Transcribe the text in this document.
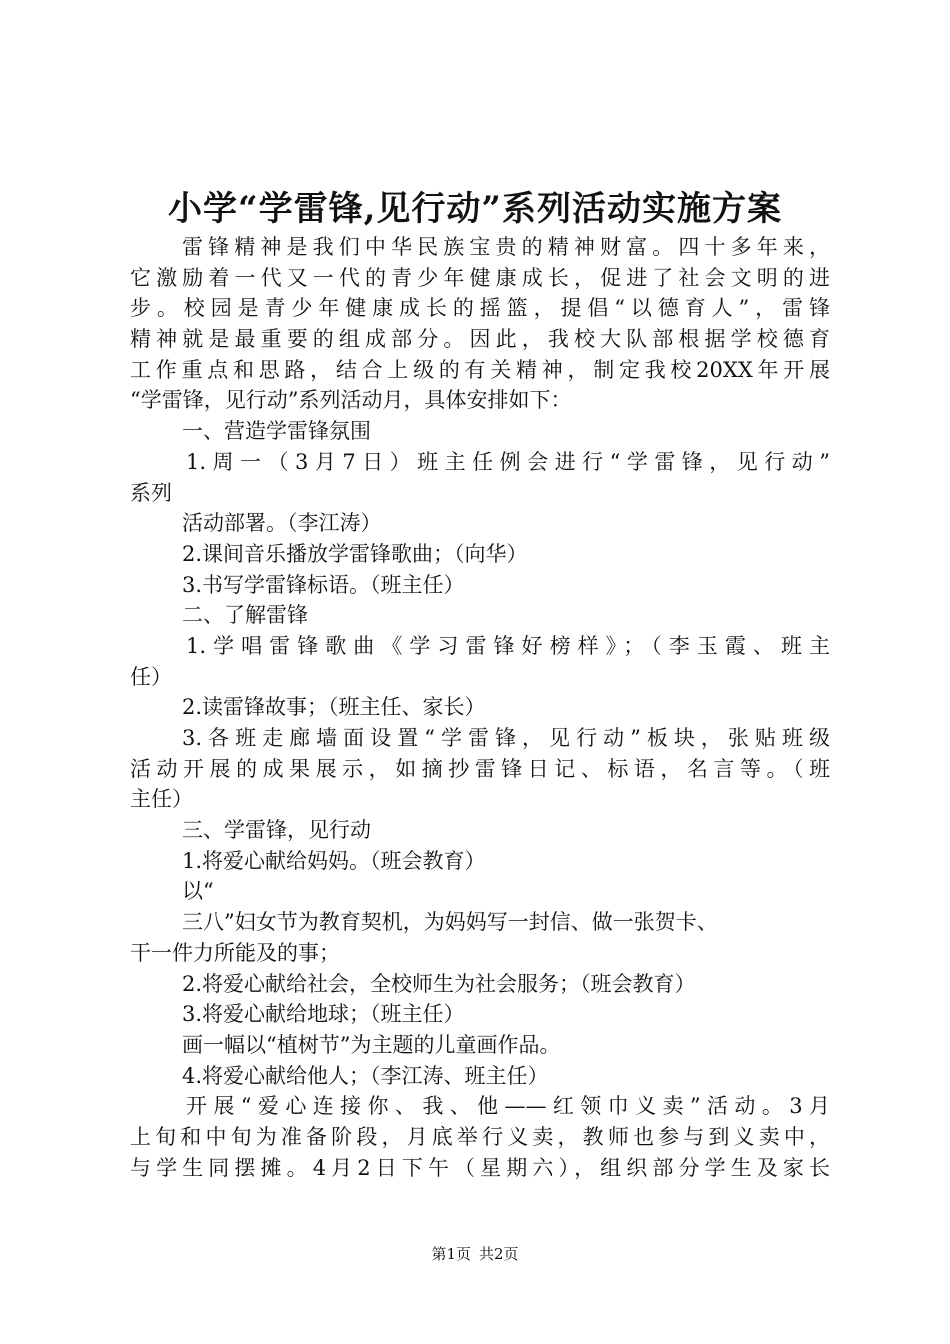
小学“学雷锋,见行动”系列活动实施方案
雷锋精神是我们中华民族宝贵的精神财富。四十多年来，
它激励着一代又一代的青少年健康成长，促进了社会文明的进
步。校园是青少年健康成长的摇篮，提倡“以德育人”，雷锋
精神就是最重要的组成部分。因此，我校大队部根据学校德育
工作重点和思路，结合上级的有关精神，制定我校20XX年开展
“学雷锋，见行动”系列活动月，具体安排如下：
一、营造学雷锋氛围
1.周一（3月7日）班主任例会进行“学雷锋，见行动”
系列
活动部署。（李江涛）
2.课间音乐播放学雷锋歌曲；（向华）
3.书写学雷锋标语。（班主任）
二、了解雷锋
1.学唱雷锋歌曲《学习雷锋好榜样》；（李玉霞、班主
任）
2.读雷锋故事；（班主任、家长）
3.各班走廊墙面设置“学雷锋，见行动”板块，张贴班级
活动开展的成果展示，如摘抄雷锋日记、标语，名言等。（班
主任）
三、学雷锋，见行动
1.将爱心献给妈妈。（班会教育）
以“
三八”妇女节为教育契机，为妈妈写一封信、做一张贺卡、
干一件力所能及的事；
2.将爱心献给社会，全校师生为社会服务；（班会教育）
3.将爱心献给地球；（班主任）
画一幅以“植树节”为主题的儿童画作品。
4.将爱心献给他人；（李江涛、班主任）
开展“爱心连接你、我、他——红领巾义卖”活动。3月
上旬和中旬为准备阶段，月底举行义卖，教师也参与到义卖中，
与学生同摆摊。4月2日下午（星期六），组织部分学生及家长
第1页 共2页
